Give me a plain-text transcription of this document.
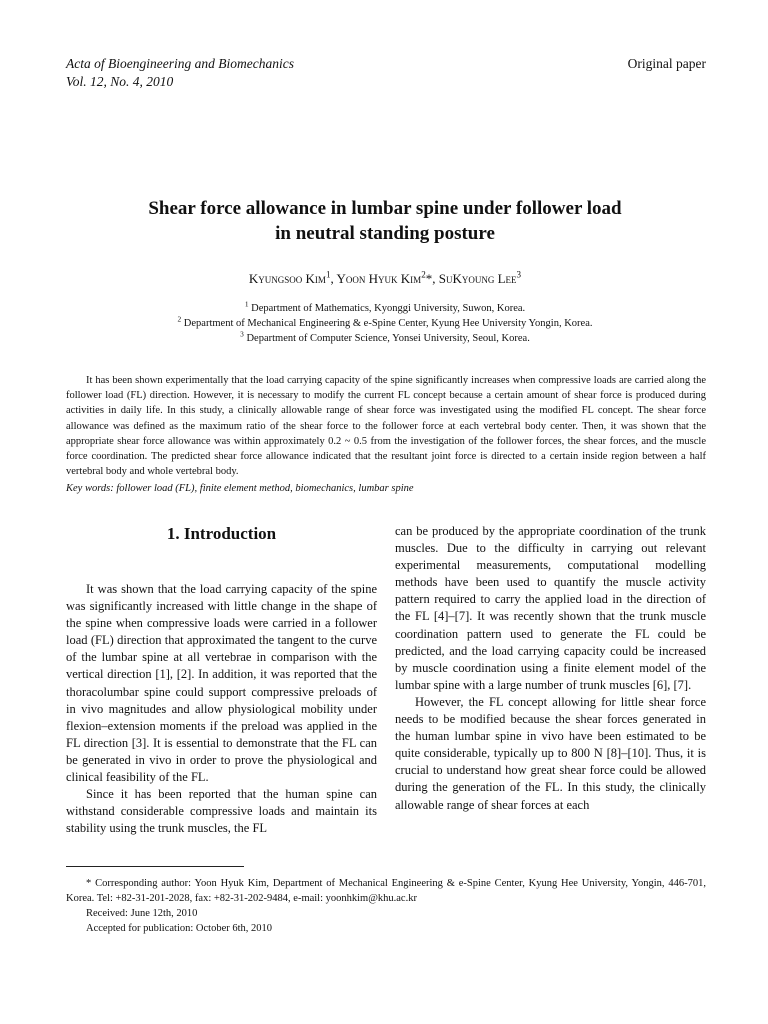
Acta of Bioengineering and Biomechanics
Vol. 12, No. 4, 2010
Original paper
Shear force allowance in lumbar spine under follower load
in neutral standing posture
Kyungsoo Kim$^1$, Yoon Hyuk Kim$^2$*, SuKyoung Lee$^3$
$^1$ Department of Mathematics, Kyonggi University, Suwon, Korea.
$^2$ Department of Mechanical Engineering & e-Spine Center, Kyung Hee University Yongin, Korea.
$^3$ Department of Computer Science, Yonsei University, Seoul, Korea.

It has been shown experimentally that the load carrying capacity of the spine significantly increases when compressive loads are carried along the follower load (FL) direction. However, it is necessary to modify the current FL concept because a certain amount of shear force is produced during activities in daily life. In this study, a clinically allowable range of shear force was investigated using the modified FL concept. The shear force allowance was defined as the maximum ratio of the shear force to the follower force at each vertebral body center. Then, it was shown that the appropriate shear force allowance was within approximately 0.2 ~ 0.5 from the investigation of the follower forces, the shear forces, and the muscle force coordination. The predicted shear force allowance indicated that the resultant joint force is directed to a certain inside region between a half vertebral body and whole vertebral body.

Key words: follower load (FL), finite element method, biomechanics, lumbar spine
1. Introduction

It was shown that the load carrying capacity of the spine was significantly increased with little change in the shape of the spine when compressive loads were carried in a follower load (FL) direction that approximated the tangent to the curve of the lumbar spine at all vertebrae in comparison with the vertical direction [1], [2]. In addition, it was reported that the thoracolumbar spine could support compressive preloads of in vivo magnitudes and allow physiological mobility under flexion–extension moments if the preload was applied in the FL direction [3]. It is essential to demonstrate that the FL can be generated in vivo in order to prove the physiological and clinical feasibility of the FL.

Since it has been reported that the human spine can withstand considerable compressive loads and maintain its stability using the trunk muscles, the FL

can be produced by the appropriate coordination of the trunk muscles. Due to the difficulty in carrying out relevant experimental measurements, computational modelling methods have been used to quantify the muscle activity pattern required to carry the applied load in the direction of the FL [4]–[7]. It was recently shown that the trunk muscle coordination pattern used to generate the FL could be predicted, and the load carrying capacity could be increased by muscle coordination using a finite element model of the lumbar spine with a large number of trunk muscles [6], [7].

However, the FL concept allowing for little shear force needs to be modified because the shear forces generated in the human lumbar spine in vivo have been estimated to be quite considerable, typically up to 800 N [8]–[10]. Thus, it is crucial to understand how great shear force could be allowed during the generation of the FL. In this study, the clinically allowable range of shear forces at each

* Corresponding author: Yoon Hyuk Kim, Department of Mechanical Engineering & e-Spine Center, Kyung Hee University, Yongin, 446-701, Korea. Tel: +82-31-201-2028, fax: +82-31-202-9484, e-mail: yoonhkim@khu.ac.kr
Received: June 12th, 2010
Accepted for publication: October 6th, 2010
